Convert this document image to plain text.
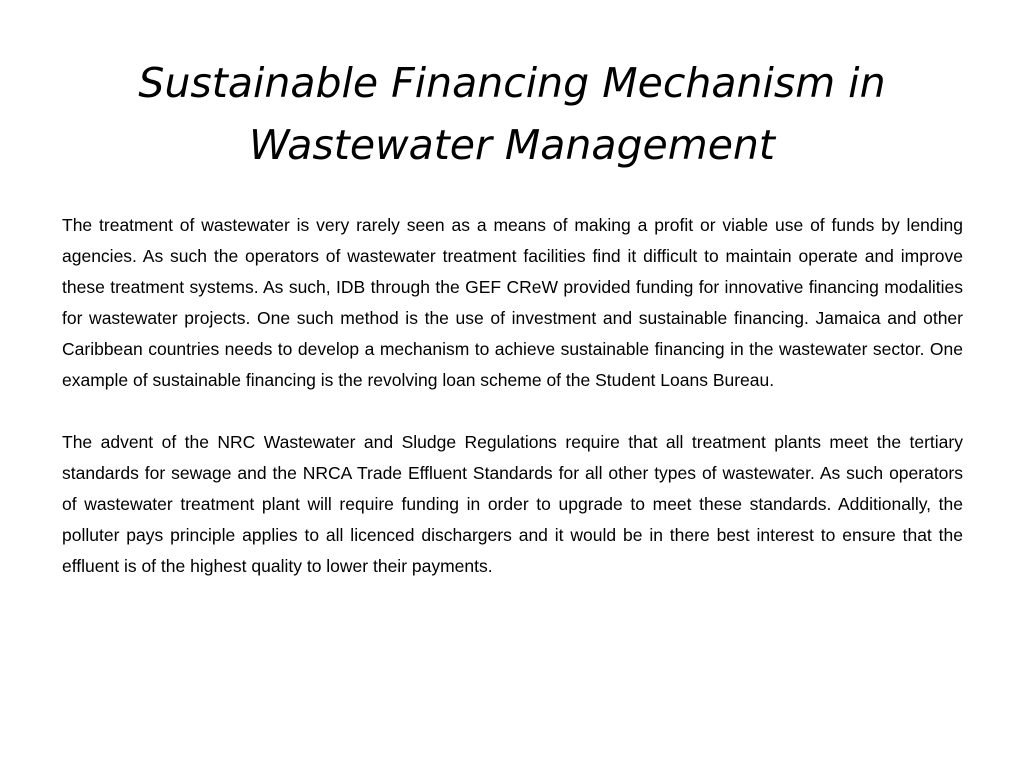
Sustainable Financing Mechanism in Wastewater Management

The treatment of wastewater is very rarely seen as a means of making a profit or viable use of funds by lending agencies. As such the operators of wastewater treatment facilities find it difficult to maintain operate and improve these treatment systems. As such, IDB through the GEF CReW provided funding for innovative financing modalities for wastewater projects. One such method is the use of investment and sustainable financing. Jamaica and other Caribbean countries needs to develop a mechanism to achieve sustainable financing in the wastewater sector. One example of sustainable financing is the revolving loan scheme of the Student Loans Bureau.

The advent of the NRC Wastewater and Sludge Regulations require that all treatment plants meet the tertiary standards for sewage and the NRCA Trade Effluent Standards for all other types of wastewater. As such operators of wastewater treatment plant will require funding in order to upgrade to meet these standards. Additionally, the polluter pays principle applies to all licenced dischargers and it would be in there best interest to ensure that the effluent is of the highest quality to lower their payments.
